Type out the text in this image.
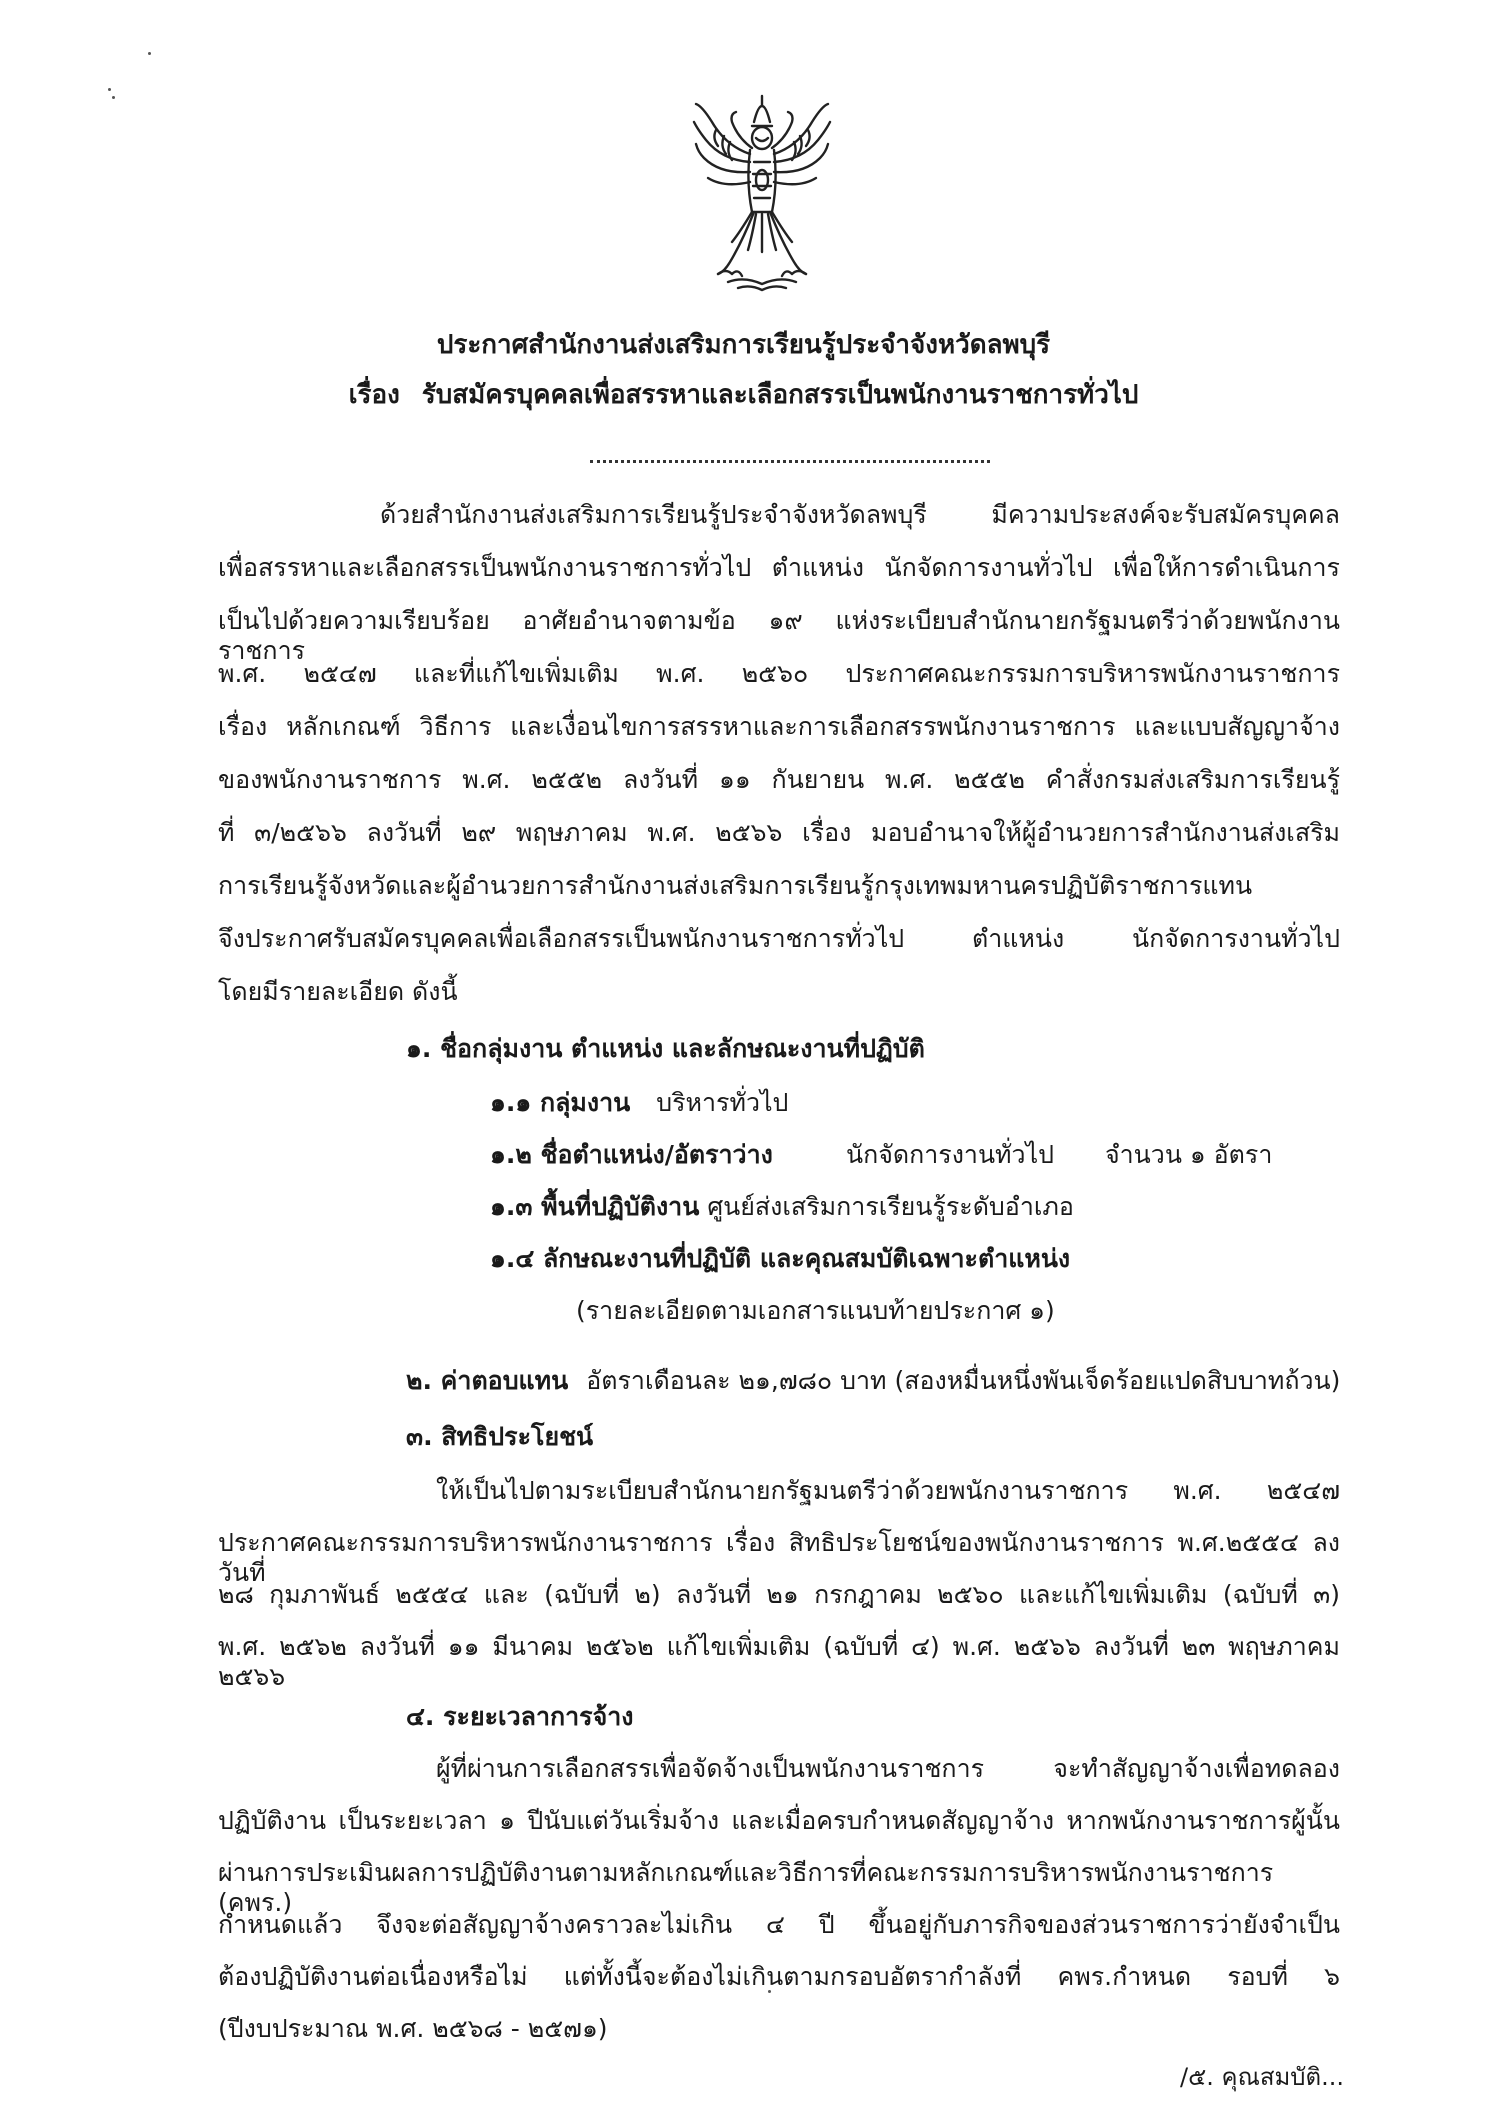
ประกาศสำนักงานส่งเสริมการเรียนรู้ประจำจังหวัดลพบุรี
เรื่อง รับสมัครบุคคลเพื่อสรรหาและเลือกสรรเป็นพนักงานราชการทั่วไป
ด้วยสำนักงานส่งเสริมการเรียนรู้ประจำจังหวัดลพบุรี มีความประสงค์จะรับสมัครบุคคล
เพื่อสรรหาและเลือกสรรเป็นพนักงานราชการทั่วไป ตำแหน่ง นักจัดการงานทั่วไป เพื่อให้การดำเนินการ
เป็นไปด้วยความเรียบร้อย อาศัยอำนาจตามข้อ ๑๙ แห่งระเบียบสำนักนายกรัฐมนตรีว่าด้วยพนักงานราชการ
พ.ศ. ๒๕๔๗ และที่แก้ไขเพิ่มเติม พ.ศ. ๒๕๖๐ ประกาศคณะกรรมการบริหารพนักงานราชการ
เรื่อง หลักเกณฑ์ วิธีการ และเงื่อนไขการสรรหาและการเลือกสรรพนักงานราชการ และแบบสัญญาจ้าง
ของพนักงานราชการ พ.ศ. ๒๕๕๒ ลงวันที่ ๑๑ กันยายน พ.ศ. ๒๕๕๒ คำสั่งกรมส่งเสริมการเรียนรู้
ที่ ๓/๒๕๖๖ ลงวันที่ ๒๙ พฤษภาคม พ.ศ. ๒๕๖๖ เรื่อง มอบอำนาจให้ผู้อำนวยการสำนักงานส่งเสริม
การเรียนรู้จังหวัดและผู้อำนวยการสำนักงานส่งเสริมการเรียนรู้กรุงเทพมหานครปฏิบัติราชการแทน
จึงประกาศรับสมัครบุคคลเพื่อเลือกสรรเป็นพนักงานราชการทั่วไป ตำแหน่ง นักจัดการงานทั่วไป
โดยมีรายละเอียด ดังนี้
๑. ชื่อกลุ่มงาน ตำแหน่ง และลักษณะงานที่ปฏิบัติ
๑.๑ กลุ่มงาน บริหารทั่วไป
๑.๒ ชื่อตำแหน่ง/อัตราว่าง	นักจัดการงานทั่วไป จำนวน ๑ อัตรา
๑.๓ พื้นที่ปฏิบัติงาน ศูนย์ส่งเสริมการเรียนรู้ระดับอำเภอ
๑.๔ ลักษณะงานที่ปฏิบัติ และคุณสมบัติเฉพาะตำแหน่ง
(รายละเอียดตามเอกสารแนบท้ายประกาศ ๑)
๒. ค่าตอบแทน อัตราเดือนละ ๒๑,๗๘๐ บาท (สองหมื่นหนึ่งพันเจ็ดร้อยแปดสิบบาทถ้วน)
๓. สิทธิประโยชน์
ให้เป็นไปตามระเบียบสำนักนายกรัฐมนตรีว่าด้วยพนักงานราชการ พ.ศ. ๒๕๔๗
ประกาศคณะกรรมการบริหารพนักงานราชการ เรื่อง สิทธิประโยชน์ของพนักงานราชการ พ.ศ.๒๕๕๔ ลงวันที่
๒๘ กุมภาพันธ์ ๒๕๕๔ และ (ฉบับที่ ๒) ลงวันที่ ๒๑ กรกฎาคม ๒๕๖๐ และแก้ไขเพิ่มเติม (ฉบับที่ ๓)
พ.ศ. ๒๕๖๒ ลงวันที่ ๑๑ มีนาคม ๒๕๖๒ แก้ไขเพิ่มเติม (ฉบับที่ ๔) พ.ศ. ๒๕๖๖ ลงวันที่ ๒๓ พฤษภาคม ๒๕๖๖
๔. ระยะเวลาการจ้าง
ผู้ที่ผ่านการเลือกสรรเพื่อจัดจ้างเป็นพนักงานราชการ จะทำสัญญาจ้างเพื่อทดลอง
ปฏิบัติงาน เป็นระยะเวลา ๑ ปีนับแต่วันเริ่มจ้าง และเมื่อครบกำหนดสัญญาจ้าง หากพนักงานราชการผู้นั้น
ผ่านการประเมินผลการปฏิบัติงานตามหลักเกณฑ์และวิธีการที่คณะกรรมการบริหารพนักงานราชการ (คพร.)
กำหนดแล้ว จึงจะต่อสัญญาจ้างคราวละไม่เกิน ๔ ปี ขึ้นอยู่กับภารกิจของส่วนราชการว่ายังจำเป็น
ต้องปฏิบัติงานต่อเนื่องหรือไม่ แต่ทั้งนี้จะต้องไม่เกินตามกรอบอัตรากำลังที่ คพร.กำหนด รอบที่ ๖
(ปีงบประมาณ พ.ศ. ๒๕๖๘ - ๒๕๗๑)
/๕. คุณสมบัติ...
